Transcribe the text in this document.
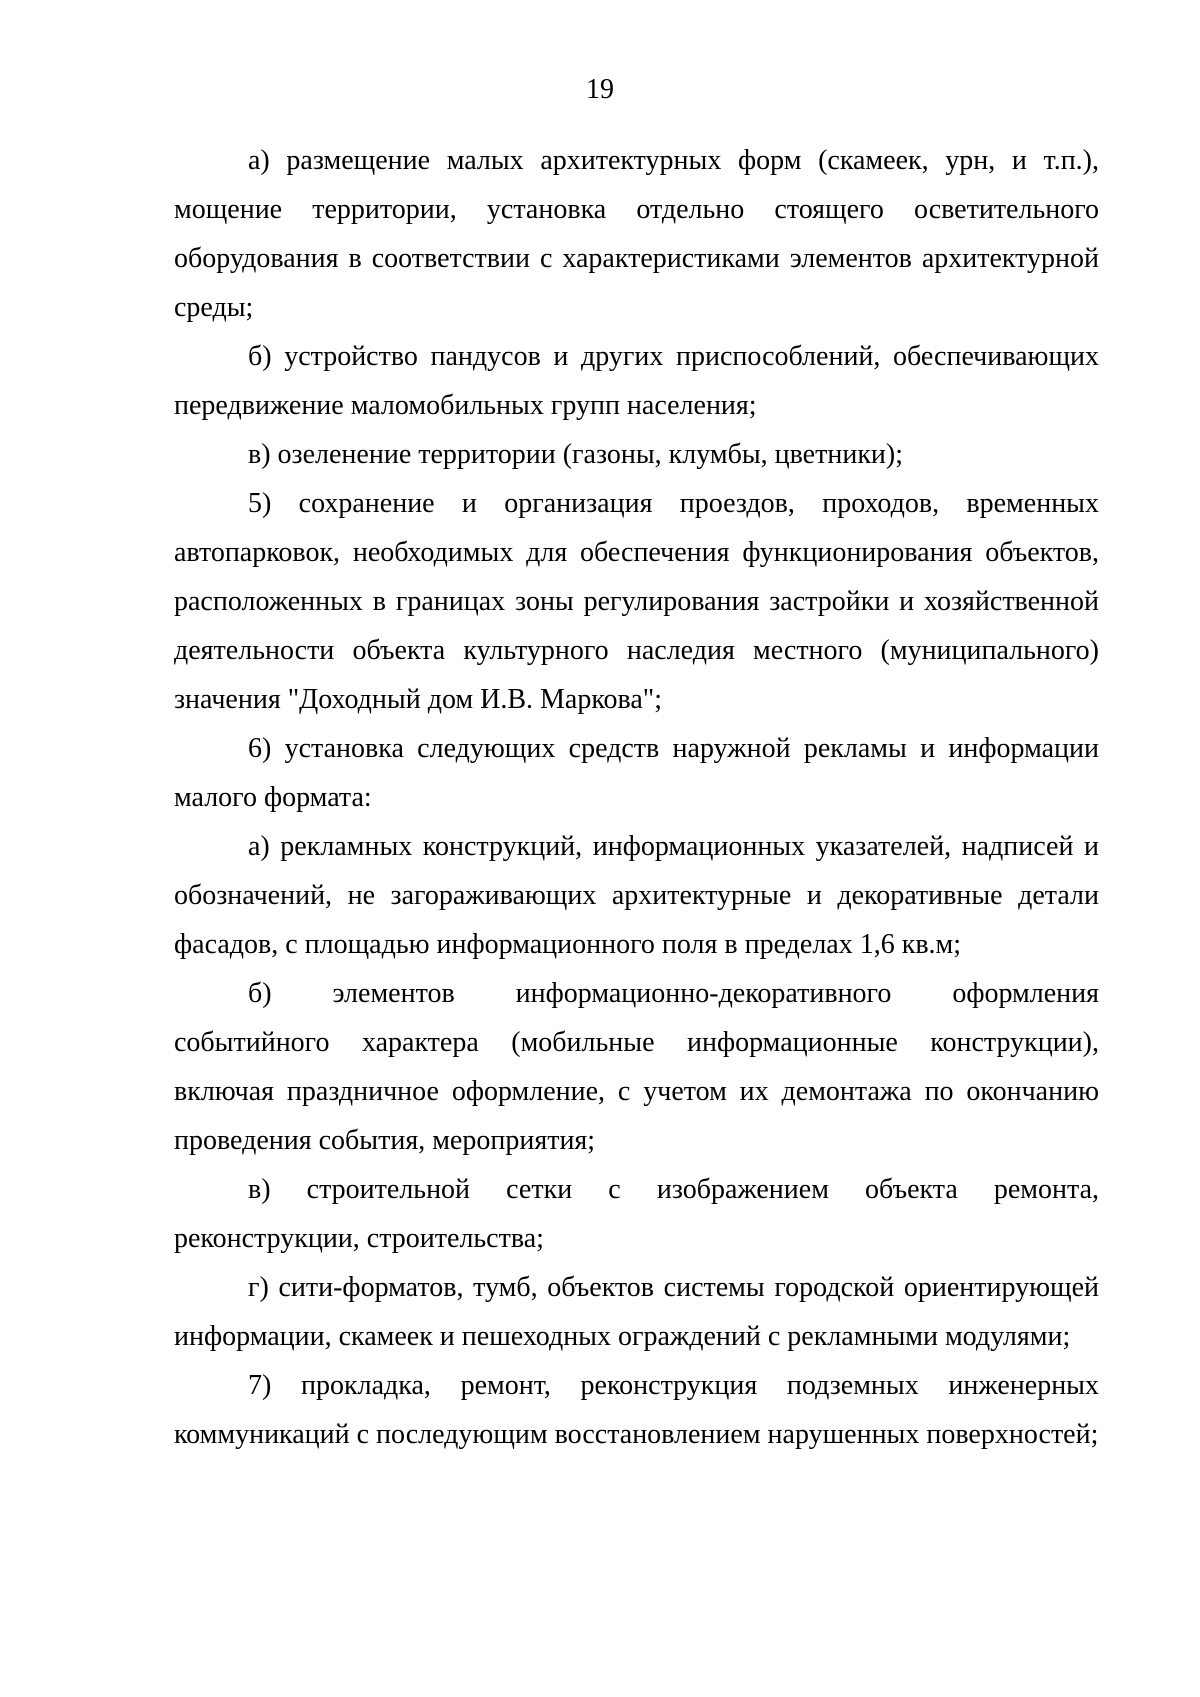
19

а) размещение малых архитектурных форм (скамеек, урн, и т.п.), мощение территории, установка отдельно стоящего осветительного оборудования в соответствии с характеристиками элементов архитектурной среды;

б) устройство пандусов и других приспособлений, обеспечивающих передвижение маломобильных групп населения;

в) озеленение территории (газоны, клумбы, цветники);

5) сохранение и организация проездов, проходов, временных автопарковок, необходимых для обеспечения функционирования объектов, расположенных в границах зоны регулирования застройки и хозяйственной деятельности объекта культурного наследия местного (муниципального) значения "Доходный дом И.В. Маркова";

6) установка следующих средств наружной рекламы и информации малого формата:

а) рекламных конструкций, информационных указателей, надписей и обозначений, не загораживающих архитектурные и декоративные детали фасадов, с площадью информационного поля в пределах 1,6 кв.м;

б) элементов информационно-декоративного оформления событийного характера (мобильные информационные конструкции), включая праздничное оформление, с учетом их демонтажа по окончанию проведения события, мероприятия;

в) строительной сетки с изображением объекта ремонта, реконструкции, строительства;

г) сити-форматов, тумб, объектов системы городской ориентирующей информации, скамеек и пешеходных ограждений с рекламными модулями;

7) прокладка, ремонт, реконструкция подземных инженерных коммуникаций с последующим восстановлением нарушенных поверхностей;
